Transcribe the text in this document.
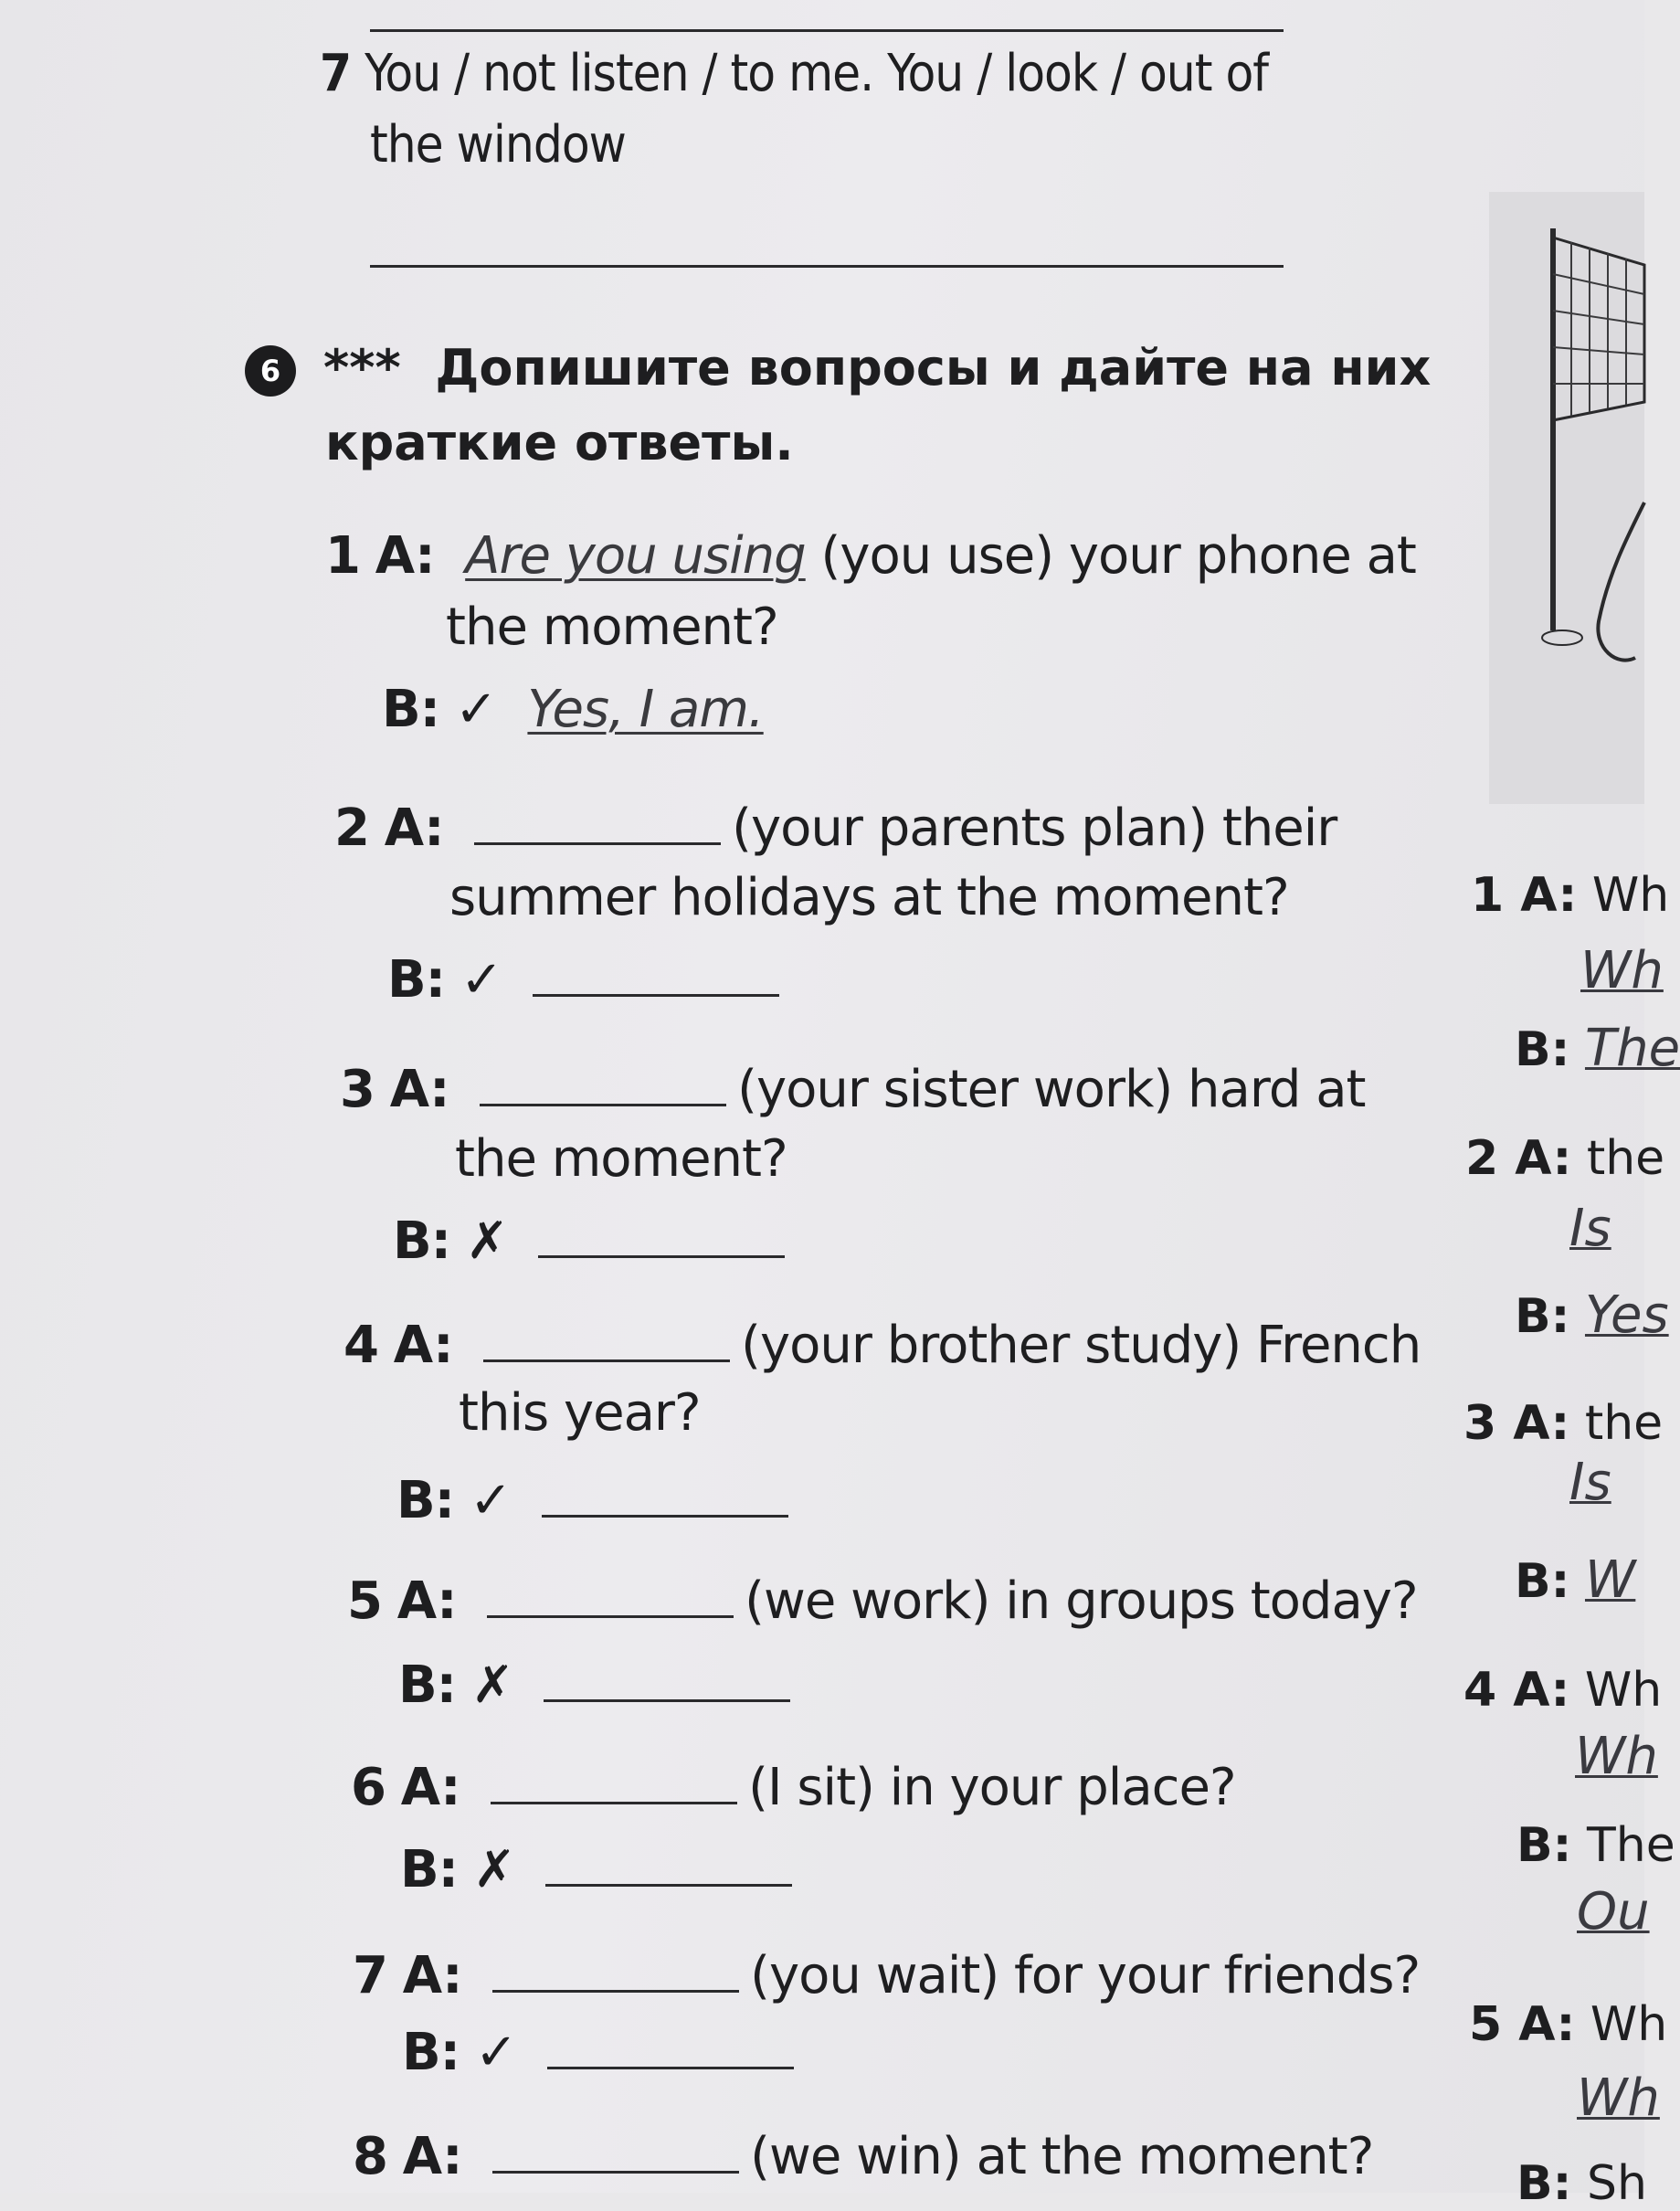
7 You / not listen / to me. You / look / out of
the window
6 *** Допишите вопросы и дайте на них
краткие ответы.
1 A: Are you using (you use) your phone at
the moment?
B: ✓ Yes, I am.
2 A:	(your parents plan) their
summer holidays at the moment?
B: ✓
3 A:	(your sister work) hard at
the moment?
B: ✗
4 A:	(your brother study) French
this year?
B: ✓
5 A:	(we work) in groups today?
B: ✗
6 A:	(I sit) in your place?
B: ✗
7 A:	(you wait) for your friends?
B: ✓
8 A:	(we win) at the moment?
1 A: Wh
Wh
B: The
2 A: the
Is
B: Yes
3 A: the
Is
B: W
4 A: Wh
Wh
B: The
Ou
5 A: Wh
Wh
B: Sh
